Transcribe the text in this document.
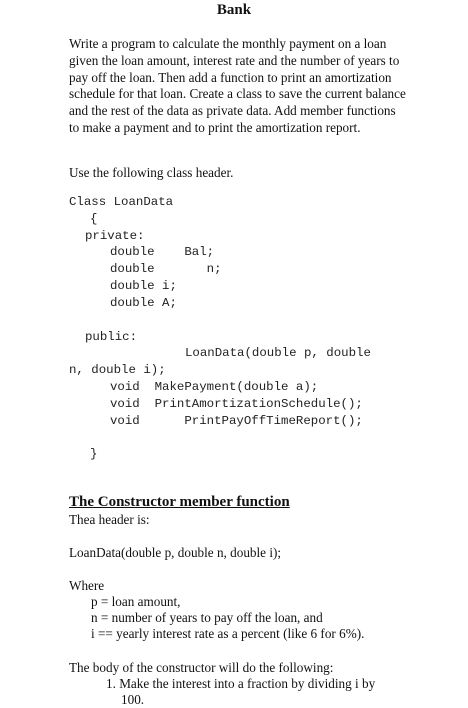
Bank

Write a program to calculate the monthly payment on a loan given the loan amount, interest rate and the number of years to pay off the loan. Then add a function to print an amortization schedule for that loan. Create a class to save the current balance and the rest of the data as private data. Add member functions to make a payment and to print the amortization report.

Use the following class header.
Class LoanData
{
private:
double    Bal;
double       n;
double i;
double A;
public:
LoanData(double p, double
n, double i);
void  MakePayment(double a);
void  PrintAmortizationSchedule();
void      PrintPayOffTimeReport();
}
The Constructor member function
Thea header is:
LoanData(double p, double n, double i);
Where
p = loan amount,
n = number of years to pay off the loan, and
i == yearly interest rate as a percent (like 6 for 6%).
The body of the constructor will do the following:
1. Make the interest into a fraction by dividing i by
100.
